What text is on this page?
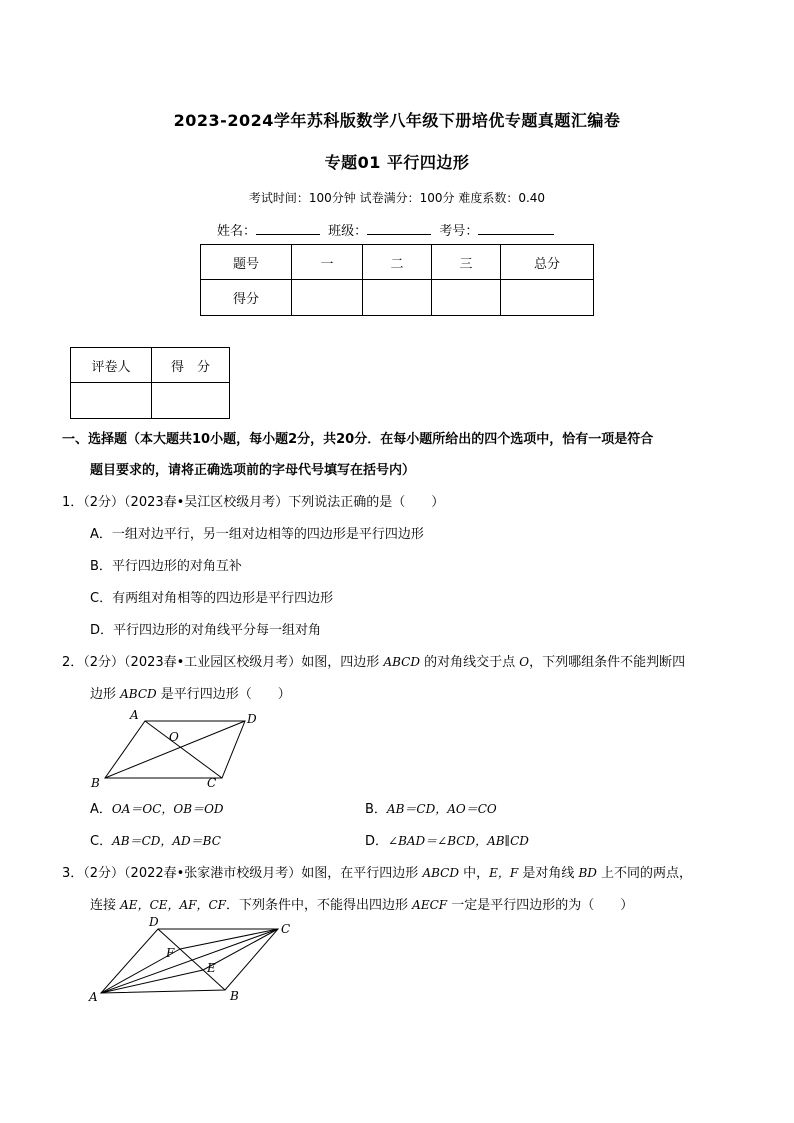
2023-2024学年苏科版数学八年级下册培优专题真题汇编卷
专题01 平行四边形
考试时间：100分钟 试卷满分：100分 难度系数：0.40
姓名：	班级：	考号：
题号	一	二	三	总分
得分				
评卷人	得　分

一、选择题（本大题共10小题，每小题2分，共20分．在每小题所给出的四个选项中，恰有一项是符合
题目要求的，请将正确选项前的字母代号填写在括号内）
1．（2分）（2023春•吴江区校级月考）下列说法正确的是（　　）
A．一组对边平行，另一组对边相等的四边形是平行四边形
B．平行四边形的对角互补
C．有两组对角相等的四边形是平行四边形
D．平行四边形的对角线平分每一组对角
2．（2分）（2023春•工业园区校级月考）如图，四边形 ABCD 的对角线交于点 O，下列哪组条件不能判断四
边形 ABCD 是平行四边形（　　）
A	D
O
B	C
A．OA＝OC，OB＝OD	B．AB＝CD，AO＝CO
C．AB＝CD，AD＝BC	D．∠BAD＝∠BCD，AB∥CD
3．（2分）（2022春•张家港市校级月考）如图，在平行四边形 ABCD 中，E，F 是对角线 BD 上不同的两点，
连接 AE，CE，AF，CF．下列条件中，不能得出四边形 AECF 一定是平行四边形的为（　　）
D	C
F
E
A	B
